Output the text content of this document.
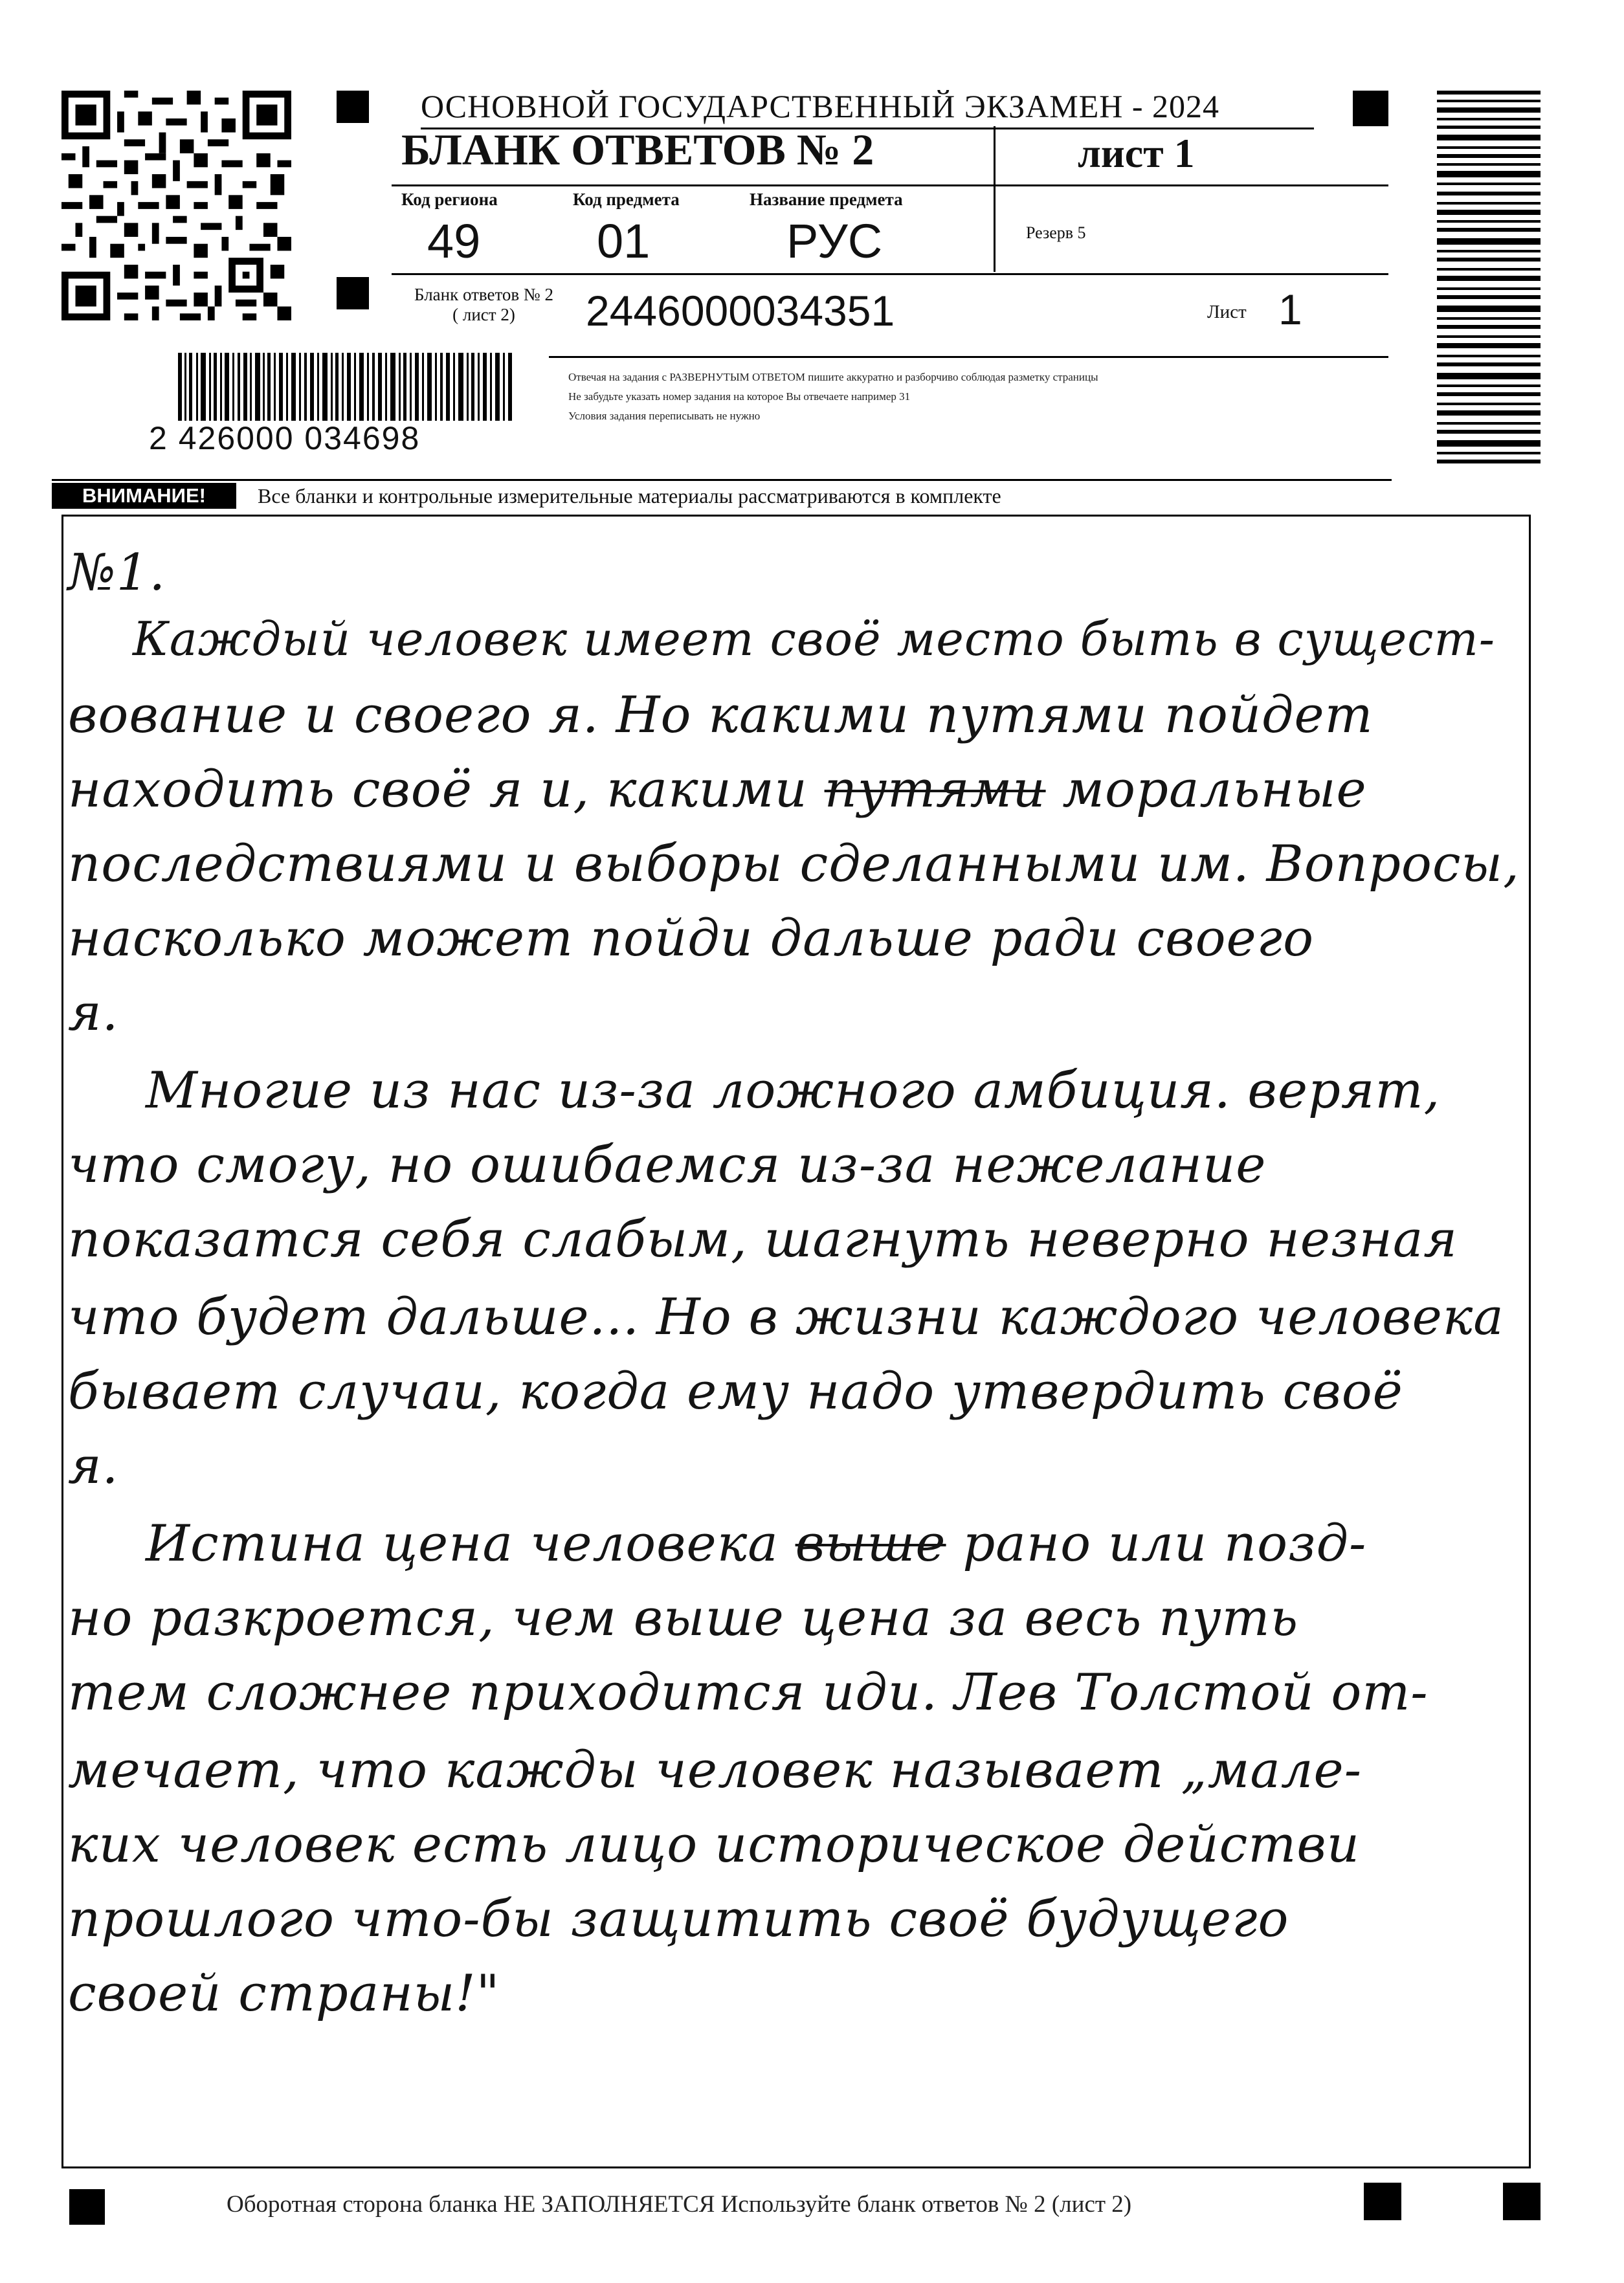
2 426000 034698
ОСНОВНОЙ ГОСУДАРСТВЕННЫЙ ЭКЗАМЕН - 2024
БЛАНК ОТВЕТОВ № 2	лист 1
Код региона
49
Код предмета
01
Название предмета
РУС	Резерв 5
Бланк ответов № 2
( лист 2)	2446000034351	Лист 1
Отвечая на задания с РАЗВЕРНУТЫМ ОТВЕТОМ пишите аккуратно и разборчиво соблюдая разметку страницы
Не забудьте указать номер задания на которое Вы отвечаете например 31
Условия задания переписывать не нужно
ВНИМАНИЕ!	Все бланки и контрольные измерительные материалы рассматриваются в комплекте
№1.
Каждый человек имеет своё место быть в сущест-
вование и своего я. Но какими путями пойдет
находить своё я и, какими путями моральные
последствиями и выборы сделанными им. Вопросы,
насколько может пойди дальше ради своего
я.
Многие из нас из-за ложного амбиция. верят,
что смогу, но ошибаемся из-за нежелание
показатся себя слабым, шагнуть неверно незная
что будет дальше... Но в жизни каждого человека
бывает случаи, когда ему надо утвердить своё
я.
Истина цена человека выше рано или позд-
но разкроется, чем выше цена за весь путь
тем сложнее приходится иди. Лев Толстой от-
мечает, что кажды человек называет „мале-
ких человек есть лицо историческое действи
прошлого что-бы защитить своё будущего
своей страны!"
Оборотная сторона бланка НЕ ЗАПОЛНЯЕТСЯ Используйте бланк ответов № 2 (лист 2)
